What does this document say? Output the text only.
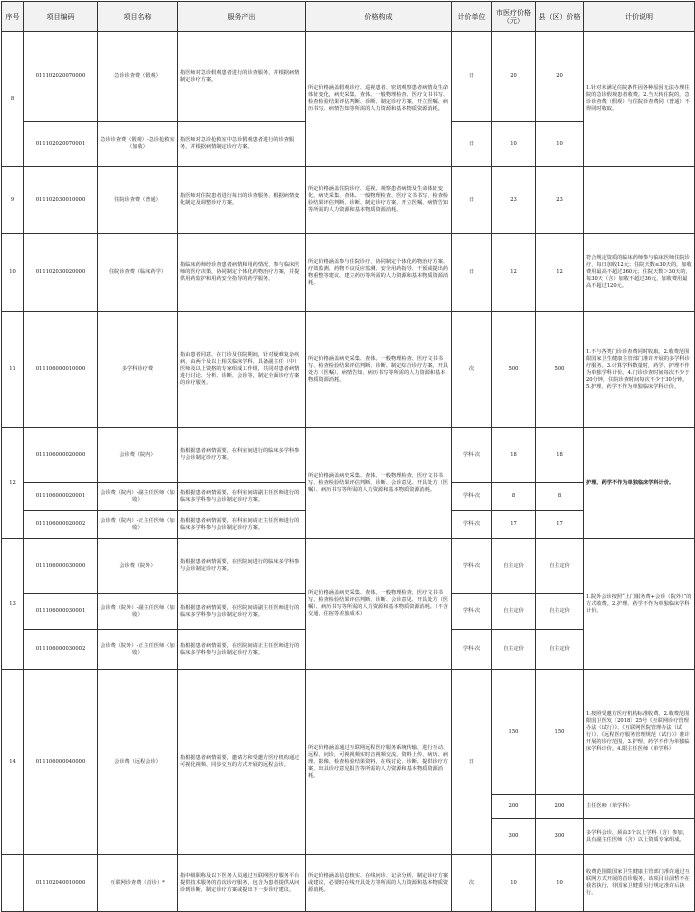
序号	项目编码	项目名称	服务产出	价格构成	计价单位	市医疗价格（元）	县（区）价格	计价说明
8	011102020070000	急诊诊查费（假观）	指医师对急诊假观患者进行的诊查服务，并根据病情制定诊疗方案。	所定价格涵盖假观诊疗、巡视患者、密切观察患者病情及生命体征变化，病史采集、查体、一般物理检查、医疗文书书写、检查检验结果评估判断、诊断、制定诊疗方案、开立医嘱、病历书写、病情告知等所需的人力资源和基本物质资源消耗。	日	20	20	1.针对未满足住院条件因各种原因无法办理住院的急诊假观患者收费。2.当天转住院的，急诊诊查费（假观）与住院诊查费同（普通）不得同时收取。
	011102020070001	急诊诊查费（假观）-急诊抢救室（加收）	指医师对急诊抢救室中急诊假观患者进行的诊查服务，并根据病情制定诊疗方案。		日	10	10	
9	011102030010000	住院诊查费（普通）	指医师对住院患者进行每日的诊查服务，根据病情变化制定及调整诊疗方案。	所定价格涵盖住院诊疗、巡视、观察患者病情及生命体征变化，病史采集、查体、一般物理检查、医疗文书书写、检查检验结果评估判断、诊断、制定诊疗方案、开立医嘱、病情告知等所需的人力资源和基本物质资源消耗。	日	23	23	
10	011102030020000	住院诊查费（临床药学）	指临床药师经诊查患者病情和用药情况，参与临床医师的医疗决策，协同制定个体化药物治疗方案，并提供用药监护和用药安全指导的药学服务。	所定价格涵盖参与住院诊疗、协同制定个体化药物治疗方案、疗效监测、药物不良反应监测、安全用药指导、干预或提出药物重整等建议，建立药历等所需的人力资源和基本物质资源消耗。	日	12	12	符合规定资质的临床药师参与临床医师住院诊疗，每日加收12元；住院天数≤30天的，加收费用最高不超过360元；住院天数＞30天的，每30天（含）加收不超过36元，加收费用最高不超过120元。
11	011106000010000	多学科诊疗费	指由患者同意，在门诊及住院期间，针对疑难复杂疾病，由两个及以上相关临床学科、具备副主任（中）医师及以上资格的专家组成工作组，共同对患者病情进行讨论、分析、诊断、会诊等，制定全面诊疗方案的诊疗服务。	所定价格涵盖病史采集、查体、一般物理检查、医疗文书书写、检查检验结果评估判断、诊断、制定综合诊疗方案、开具处方（医嘱）、病情告知、病历书写等所需的人力资源和基本物质资源消耗。	次	500	500	1.不与各类门诊诊查费同时收取。2.收费范围限国家卫生健康主管部门准许开展的多学科诊疗服务。3.计算学科数量时，药学、护理不作为单独学科计价。4.门诊诊查时间每次不少于20分钟，住院诊查时间每次不少于30分钟。5.护理、药学不作为单独临床学科计价。
12	011106000020000	会诊费（院内）	指根据患者病情需要，在科室间进行的临床多学科参与会诊制定诊疗方案。	所定价格涵盖病史采集、查体、一般物理检查、医疗文书书写、检查检验结果评估判断、诊断、会诊意见、开具处方（医嘱）、病历书写等所需的人力资源和基本物质资源消耗。	学科·次	18	18	护理、药学不作为单独临床学科计价。
	011106000020001	会诊费（院内）-副主任医师（加收）	指根据患者病情需要，在科室间请副主任医师进行的临床多学科参与会诊制定诊疗方案。		学科·次	8	8	
	011106000020002	会诊费（院内）-正主任医师（加收）	指根据患者病情需要，在科室间请正主任医师进行的临床多学科参与会诊制定诊疗方案。		学科·次	17	17	
13	011106000030000	会诊费（院外）	指根据患者病情需要，在医院间进行的临床多学科参与会诊制定诊疗方案。	所定价格涵盖病史采集、查体、一般物理检查、医疗文书书写、检查检验结果评估判断、诊断、会诊意见、开具处方（医嘱）、病历书写等所需的人力资源和基本物质资源消耗。（不含交通、住宿等差旅成本）	学科·次	自主定价	自主定价	1.院外会诊按照“上门服务费+会诊（院外）”的方式收费。2.护理、药学不作为单独临床学科计价。
	011106000030001	会诊费（院外）-副主任医师（加收）	指根据患者病情需要，在医院间请副主任医师进行的临床多学科参与会诊制定诊疗方案。		学科·次	自主定价	自主定价	
	011106000030002	会诊费（院外）-正主任医师（加收）	指根据患者病情需要，在医院间请正主任医师进行的临床多学科参与会诊制定诊疗方案。		学科·次	自主定价	自主定价	
14	011106000040000	会诊费（远程会诊）	指根据患者病情需要，邀请方和受邀方医疗机构通过可视化视频、同步交互的方式开展的远程会诊。	所定价格涵盖通过互联网远程医疗服务系统传输，进行互动、远程、问诊，可视视频实时音视频交流，资料上传、病历、病理、影像、检查检验结果资料，在线讨论、诊断，提供诊疗方案，出具诊疗意见报告等所需的人力资源和基本物质资源消耗。	日	150	150	1.按照受邀方医疗机构标准收费。2.收费范围限国卫医发〔2018〕25号《互联网诊疗管理办法（试行）》、《互联网医院管理办法（试行）》、《远程医疗服务管理规范（试行）》准许开展的诊疗范围。3.护理、药学不作为单独临床学科计价。4.限主任医师（单学科）
						200	200	主任医师（单学科）
						300	300	多学科会诊，须由3个以上学科（含）参加，具有副主任医师（含）以上资质专家组成。
	011102040010000	互联网诊查费（首诊）*	指中级职称及以下医务人员通过互联网医疗服务平台提供技术服务的首次诊疗服务，包含为患者提供从问诊到诊断，制定诊疗方案或提出下一步诊疗建议。	所定价格涵盖信息核实、在线问诊、记录分析，制定诊疗方案或建议，必要时在线开具处方等所需的人力资源和基本物质资源消耗。	次	10	10	收费范围限国家卫生健康主管部门准许通过互联网方式开展的首诊服务。该项目目前暂不在我省执行，待国家卫健委另行规定准许后执行。
